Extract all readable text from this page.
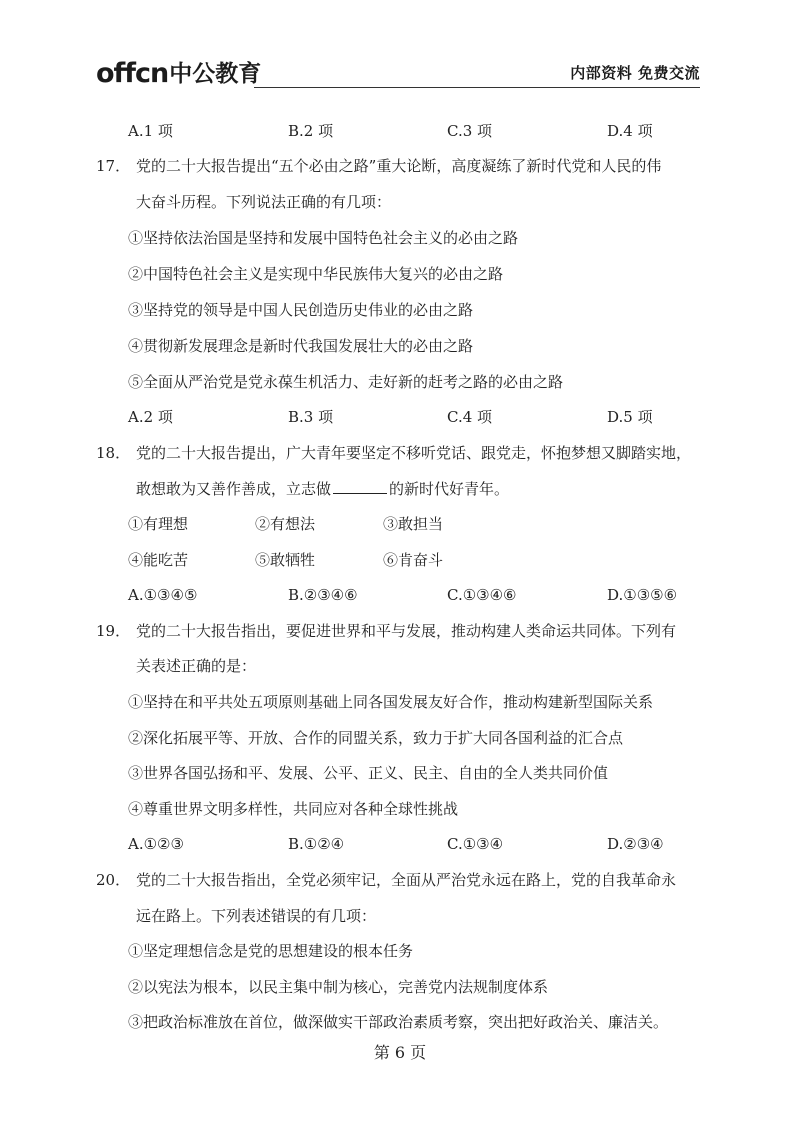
offcn 中公教育	内部资料 免费交流
A.1 项	B.2 项	C.3 项	D.4 项
17． 党的二十大报告提出“五个必由之路”重大论断，高度凝练了新时代党和人民的伟
大奋斗历程。下列说法正确的有几项：
①坚持依法治国是坚持和发展中国特色社会主义的必由之路
②中国特色社会主义是实现中华民族伟大复兴的必由之路
③坚持党的领导是中国人民创造历史伟业的必由之路
④贯彻新发展理念是新时代我国发展壮大的必由之路
⑤全面从严治党是党永葆生机活力、走好新的赶考之路的必由之路
A.2 项	B.3 项	C.4 项	D.5 项
18． 党的二十大报告提出，广大青年要坚定不移听党话、跟党走，怀抱梦想又脚踏实地，
敢想敢为又善作善成，立志做	的新时代好青年。
①有理想	②有想法	③敢担当
④能吃苦	⑤敢牺牲	⑥肯奋斗
A.①③④⑤	B.②③④⑥	C.①③④⑥	D.①③⑤⑥
19． 党的二十大报告指出，要促进世界和平与发展，推动构建人类命运共同体。下列有
关表述正确的是：
①坚持在和平共处五项原则基础上同各国发展友好合作，推动构建新型国际关系
②深化拓展平等、开放、合作的同盟关系，致力于扩大同各国利益的汇合点
③世界各国弘扬和平、发展、公平、正义、民主、自由的全人类共同价值
④尊重世界文明多样性，共同应对各种全球性挑战
A.①②③	B.①②④	C.①③④	D.②③④
20． 党的二十大报告指出，全党必须牢记，全面从严治党永远在路上，党的自我革命永
远在路上。下列表述错误的有几项：
①坚定理想信念是党的思想建设的根本任务
②以宪法为根本，以民主集中制为核心，完善党内法规制度体系
③把政治标准放在首位，做深做实干部政治素质考察，突出把好政治关、廉洁关。
第 6 页
